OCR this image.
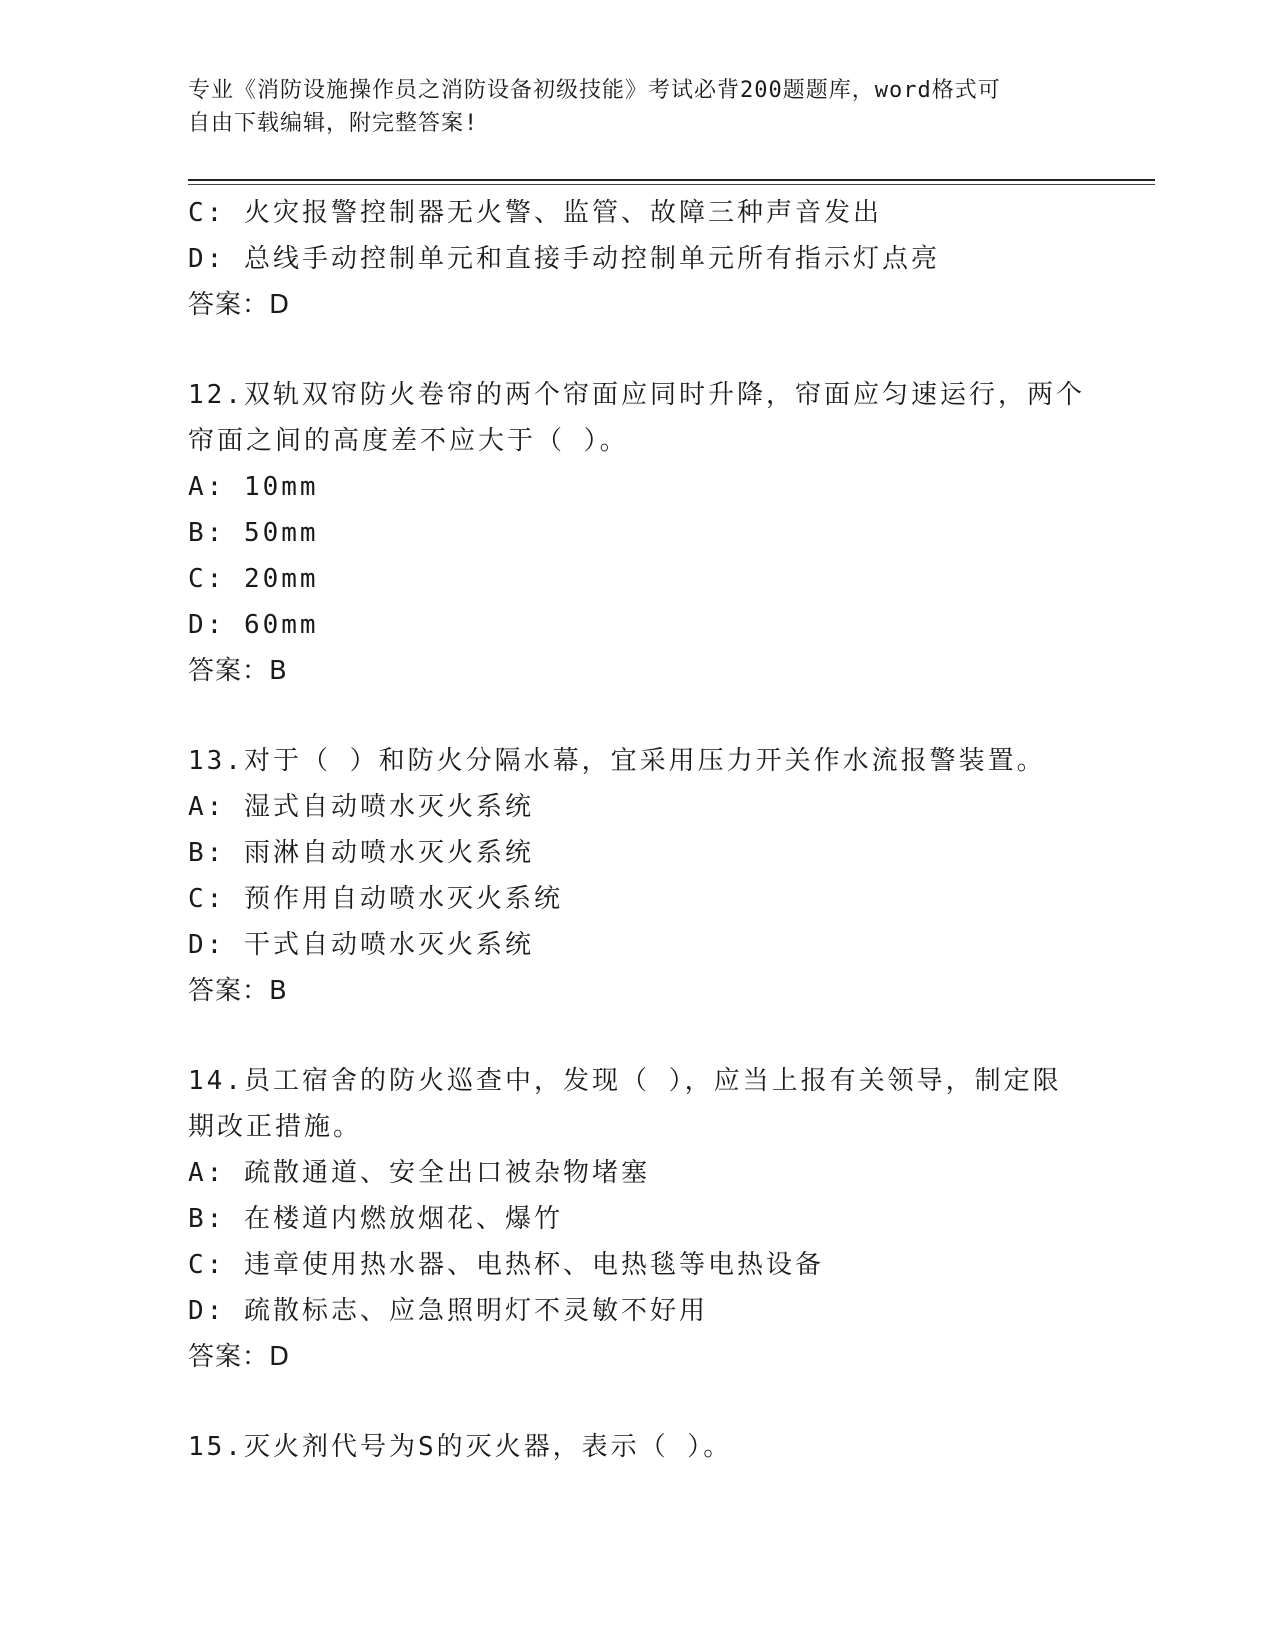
专业《消防设施操作员之消防设备初级技能》考试必背200题题库，word格式可
自由下载编辑，附完整答案!
C: 火灾报警控制器无火警、监管、故障三种声音发出
D: 总线手动控制单元和直接手动控制单元所有指示灯点亮
答案：D
12.双轨双帘防火卷帘的两个帘面应同时升降，帘面应匀速运行，两个
帘面之间的高度差不应大于（ ）。
A: 10mm
B: 50mm
C: 20mm
D: 60mm
答案：B
13.对于（ ）和防火分隔水幕，宜采用压力开关作水流报警装置。
A: 湿式自动喷水灭火系统
B: 雨淋自动喷水灭火系统
C: 预作用自动喷水灭火系统
D: 干式自动喷水灭火系统
答案：B
14.员工宿舍的防火巡查中，发现（ ），应当上报有关领导，制定限
期改正措施。
A: 疏散通道、安全出口被杂物堵塞
B: 在楼道内燃放烟花、爆竹
C: 违章使用热水器、电热杯、电热毯等电热设备
D: 疏散标志、应急照明灯不灵敏不好用
答案：D
15.灭火剂代号为S的灭火器，表示（ ）。
